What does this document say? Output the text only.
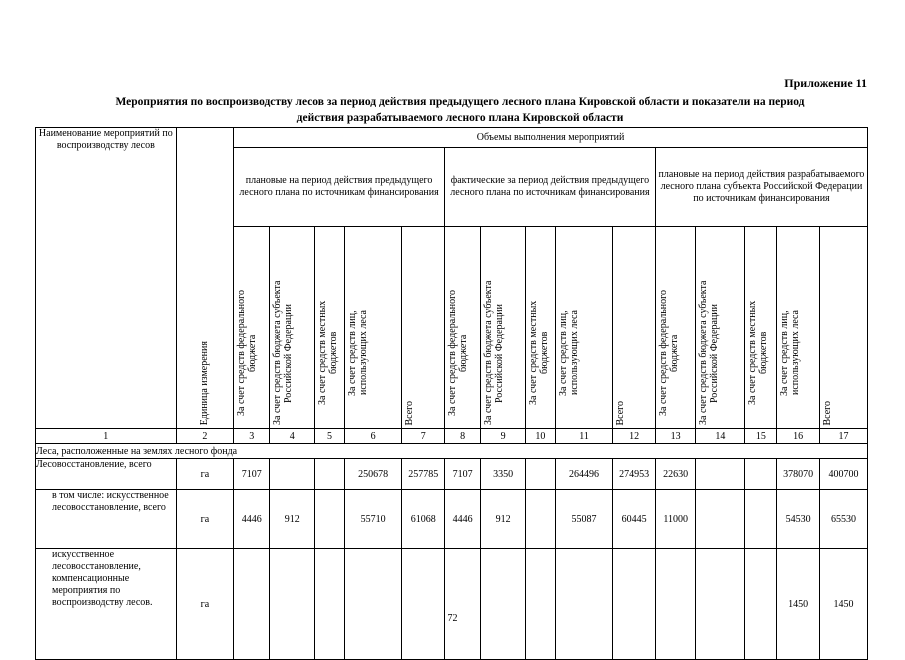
Приложение 11
Мероприятия по воспроизводству лесов за период действия предыдущего лесного плана Кировской области и показатели на период
действия разрабатываемого лесного плана Кировской области
Наименование мероприятий по воспроизводству лесов	Единица измерения	Объемы выполнения мероприятий														
		плановые на период действия предыдущего лесного плана по источникам финансирования					фактические за период действия предыдущего лесного плана по источникам финансирования					плановые на период действия разрабатываемого лесного плана субъекта Российской Федерации по источникам финансирования				

		За счет средств федерального бюджета	За счет средств бюджета субъекта Российской Федерации	За счет средств местных бюджетов	За счет средств лиц, использующих леса	Всего	За счет средств федерального бюджета	За счет средств бюджета субъекта Российской Федерации	За счет средств местных бюджетов	За счет средств лиц, использующих леса	Всего	За счет средств федерального бюджета	За счет средств бюджета субъекта Российской Федерации	За счет средств местных бюджетов	За счет средств лиц, использующих леса	Всего

1	2	3	4	5	6	7	8	9	10	11	12	13	14	15	16	17
Леса, расположенные на землях лесного фонда																
Лесовосстановление, всего	га	7107			250678	257785	7107	3350		264496	274953	22630			378070	400700
в том числе: искусственное лесовосстановление, всего	га	4446	912		55710	61068	4446	912		55087	60445	11000			54530	65530
искусственное лесовосстановление, компенсационные мероприятия по воспроизводству лесов.	га														1450	1450
72
